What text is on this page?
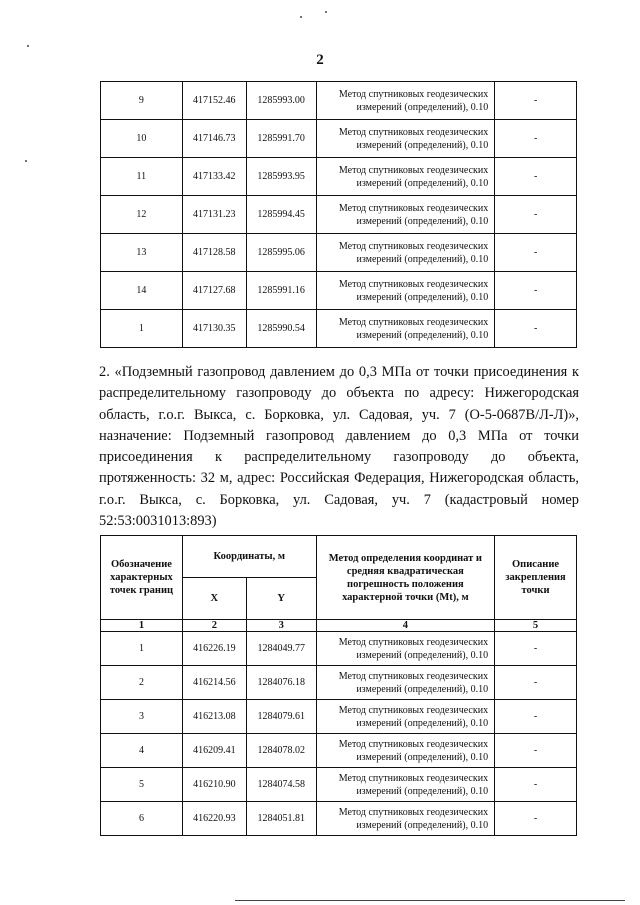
2
9	417152.46	1285993.00	Метод спутниковых геодезических
измерений (определений), 0.10	-
10	417146.73	1285991.70	Метод спутниковых геодезических
измерений (определений), 0.10	-
11	417133.42	1285993.95	Метод спутниковых геодезических
измерений (определений), 0.10	-
12	417131.23	1285994.45	Метод спутниковых геодезических
измерений (определений), 0.10	-
13	417128.58	1285995.06	Метод спутниковых геодезических
измерений (определений), 0.10	-
14	417127.68	1285991.16	Метод спутниковых геодезических
измерений (определений), 0.10	-
1	417130.35	1285990.54	Метод спутниковых геодезических
измерений (определений), 0.10	-
2. «Подземный газопровод давлением до 0,3 МПа от точки присоединения к
распределительному газопроводу до объекта по адресу: Нижегородская
область, г.о.г. Выкса, с. Борковка, ул. Садовая, уч. 7 (О-5-0687В/Л-Л)»,
назначение: Подземный газопровод давлением до 0,3 МПа от точки
присоединения к распределительному газопроводу до объекта,
протяженность: 32 м, адрес: Российская Федерация, Нижегородская область,
г.о.г. Выкса, с. Борковка, ул. Садовая, уч. 7 (кадастровый номер
52:53:0031013:893)
Обозначение характерных точек границ	Координаты, м		Метод определения координат и средняя квадратическая погрешность положения характерной точки (Mt), м	Описание закрепления точки
	X	Y		
1	2	3	4	5
1	416226.19	1284049.77	Метод спутниковых геодезических
измерений (определений), 0.10	-
2	416214.56	1284076.18	Метод спутниковых геодезических
измерений (определений), 0.10	-
3	416213.08	1284079.61	Метод спутниковых геодезических
измерений (определений), 0.10	-
4	416209.41	1284078.02	Метод спутниковых геодезических
измерений (определений), 0.10	-
5	416210.90	1284074.58	Метод спутниковых геодезических
измерений (определений), 0.10	-
6	416220.93	1284051.81	Метод спутниковых геодезических
измерений (определений), 0.10	-
